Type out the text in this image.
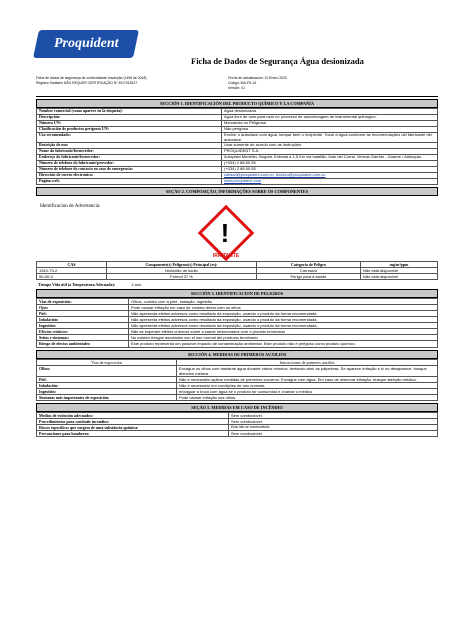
Proquident
Ficha de Dados de Segurança Água desionizada
Ficha de dados de segurança de conformidade resolução (1496 de 2018)
Registro Sanitário NÃO REQUER CERTIFICAÇÃO Nº 2017018127
Fecha de actualizacion: 10 Enero 2020
Código: MA-FD-14
Versión: 01
SECCIÓN 1. IDENTIFICACIÓN DEL PRODUCTO QUÍMICO Y LA COMPAÑÍA
Nombre comercial (como aparece en la etiqueta):	Água desionizada
Descripción:	Água livre de íons para usar no processo de autoclavagem de instrumental quirúrgico.
Número UN:	Mercancia no Peligrosa
Clasificación de productos perigosos UN:	Não perigosa
Uso recomendado:	Encher o autoclave com água, tampar bem o recipiente. Tocar a água conforme as recomendações del fabricante del autoclave.
Restrição de uso:	Usar somente de acordo com as instruções
Nome do fabricante/fornecedor:	PROQUIDENT S.A.
Endereço do fabricante/fornecedor:	Autopista Medellin- Bogotá, Entrada a 1,5 Km via batallão Juan del Corral, Vereda Garrido - Guarne / Antioquia.
Número de telefone do fabricante/provedor:	(+034) 2 88 60 55
Número de telefone de contacto en caso de emergencia:	(+034) 2 88 60 55
Dirección de correo electrónico:	calidad@proquident.com.co, tecnico@proquident.com.co
Pagina web:	www.proquident.com
SEÇÃO 2. COMPOSIÇÃO, INFORMAÇÕES SOBRE OS COMPONENTES
Identificacion de Advertencia:
!
IRRITANTE
CAS	Componente(s) Peligroso(s) Principal (es):	Categoria de Peligro	mg/m³ppm
1310-73-2	hidróxido de sódio	Corrosivo	Não está disponível
50-00-0	Formol 37 %	Perigo para a saúde	Não está disponível
Tiempo Vida útil (a Temperatura Adecuada):	1 ano
SECCIÓN 3. IDENTIFICACION DE PELIGROS
Vías de exposición:	Olhos, contato com a pele, inalação, ingestão
Ojos:	Pode causar irritação em caso de contato direto com os olhos
Piel:	Não apresenta efeitos adversos como resultado da exposição, usando o produto da forma recomendada.
Inhalación:	Não apresenta efeitos adversos como resultado da exposição, usando o produto da forma recomendada.
Ingestión:	Não apresenta efeitos adversos como resultado da exposição, usando o produto da forma recomendada.
Efectos crónicos:	Não se esperam efeitos crônicos sobre a saúde relacionados com o produto terminado
Señas e síntomas:	No existen riesgos asociados con el uso normal del producto terminado
Riesgo de efectos ambientales:	Este produto representa um possível impacto de contaminação ambiental. Este produto não é perigoso como produto químico.
SECCIÓN 4. MEDIDAS DE PRIMEROS AUXILIOS
Vías de exposición	Instrucciones de primeros auxilios
Olhos:	Enxágue os olhos com bastante água durante vários minutos, tentando abrir as pálpebras. Se aparece irritação e si no desaparece, busque atención médica.
Piel:	Não é necessário aplicar medidas de primeiros socorros. Enxágue com água. Em caso de observar irritação, busque atenção médica.
Inhalación:	Não é necessário em condições de uso normais.
Ingestión:	enxaguar a boca com água se o produto for consumido e chamar o médico
Síntomas más importantes de exposición:	Pode causar irritação nos olhos.
SEÇÃO 5. MEDIDAS EM CASO DE INCÊNDIO
Medios de extinción adecuados:	Sem combustível.
Procedimientos para combatir incendios:	Sem combustível.
Riscos específicos que surgem de uma substância química:	Esta não se combustiveis
Precauciones para bomberos:	Sem combustível.
